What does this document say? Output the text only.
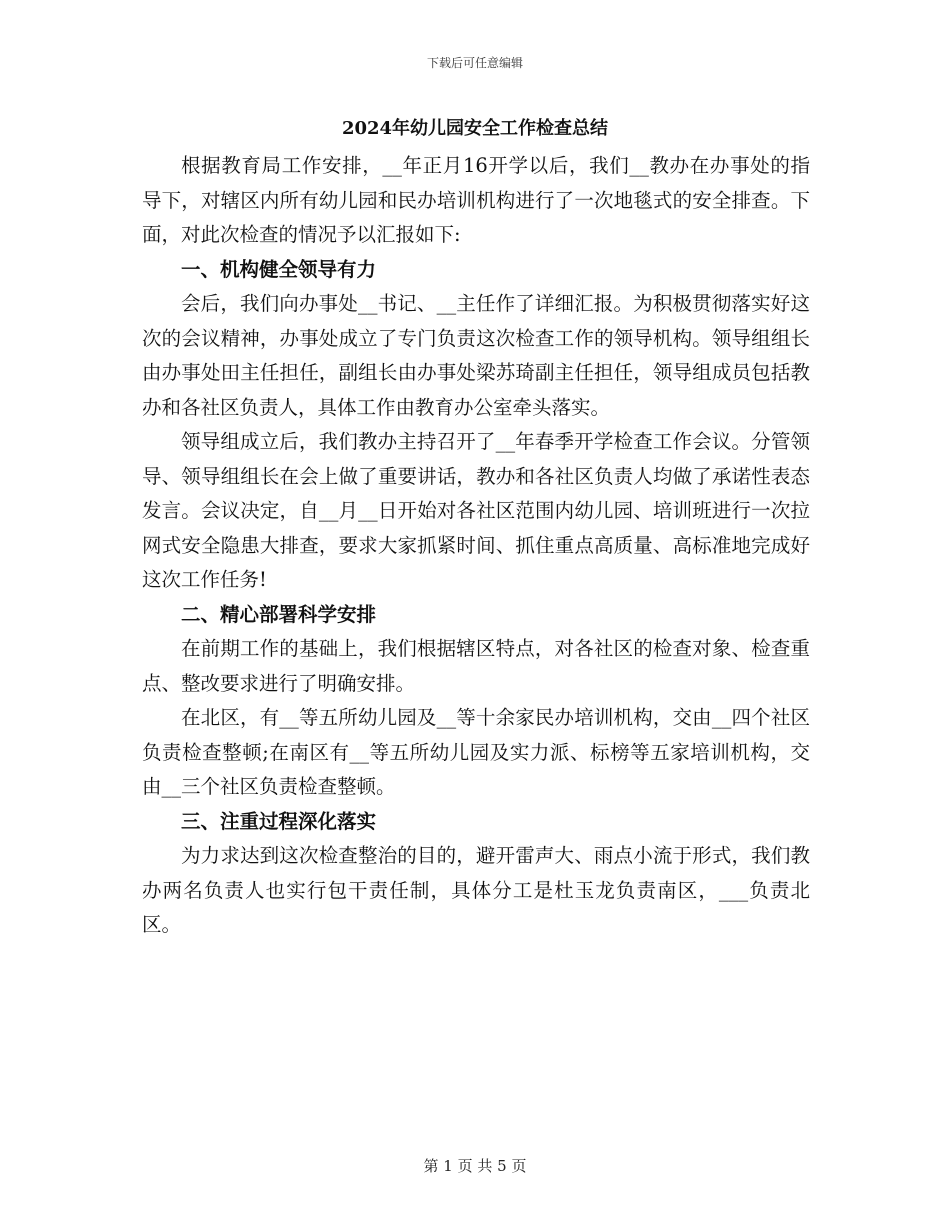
下载后可任意编辑
2024年幼儿园安全工作检查总结

根据教育局工作安排，__年正月16开学以后，我们__教办在办事处的指导下，对辖区内所有幼儿园和民办培训机构进行了一次地毯式的安全排查。下面，对此次检查的情况予以汇报如下:

一、机构健全领导有力

会后，我们向办事处__书记、__主任作了详细汇报。为积极贯彻落实好这次的会议精神，办事处成立了专门负责这次检查工作的领导机构。领导组组长由办事处田主任担任，副组长由办事处梁苏琦副主任担任，领导组成员包括教办和各社区负责人，具体工作由教育办公室牵头落实。

领导组成立后，我们教办主持召开了__年春季开学检查工作会议。分管领导、领导组组长在会上做了重要讲话，教办和各社区负责人均做了承诺性表态发言。会议决定，自__月__日开始对各社区范围内幼儿园、培训班进行一次拉网式安全隐患大排查，要求大家抓紧时间、抓住重点高质量、高标准地完成好这次工作任务!

二、精心部署科学安排

在前期工作的基础上，我们根据辖区特点，对各社区的检查对象、检查重点、整改要求进行了明确安排。

在北区，有__等五所幼儿园及__等十余家民办培训机构，交由__四个社区负责检查整顿;在南区有__等五所幼儿园及实力派、标榜等五家培训机构，交由__三个社区负责检查整顿。

三、注重过程深化落实

为力求达到这次检查整治的目的，避开雷声大、雨点小流于形式，我们教办两名负责人也实行包干责任制，具体分工是杜玉龙负责南区，___负责北区。

第 1 页 共 5 页
